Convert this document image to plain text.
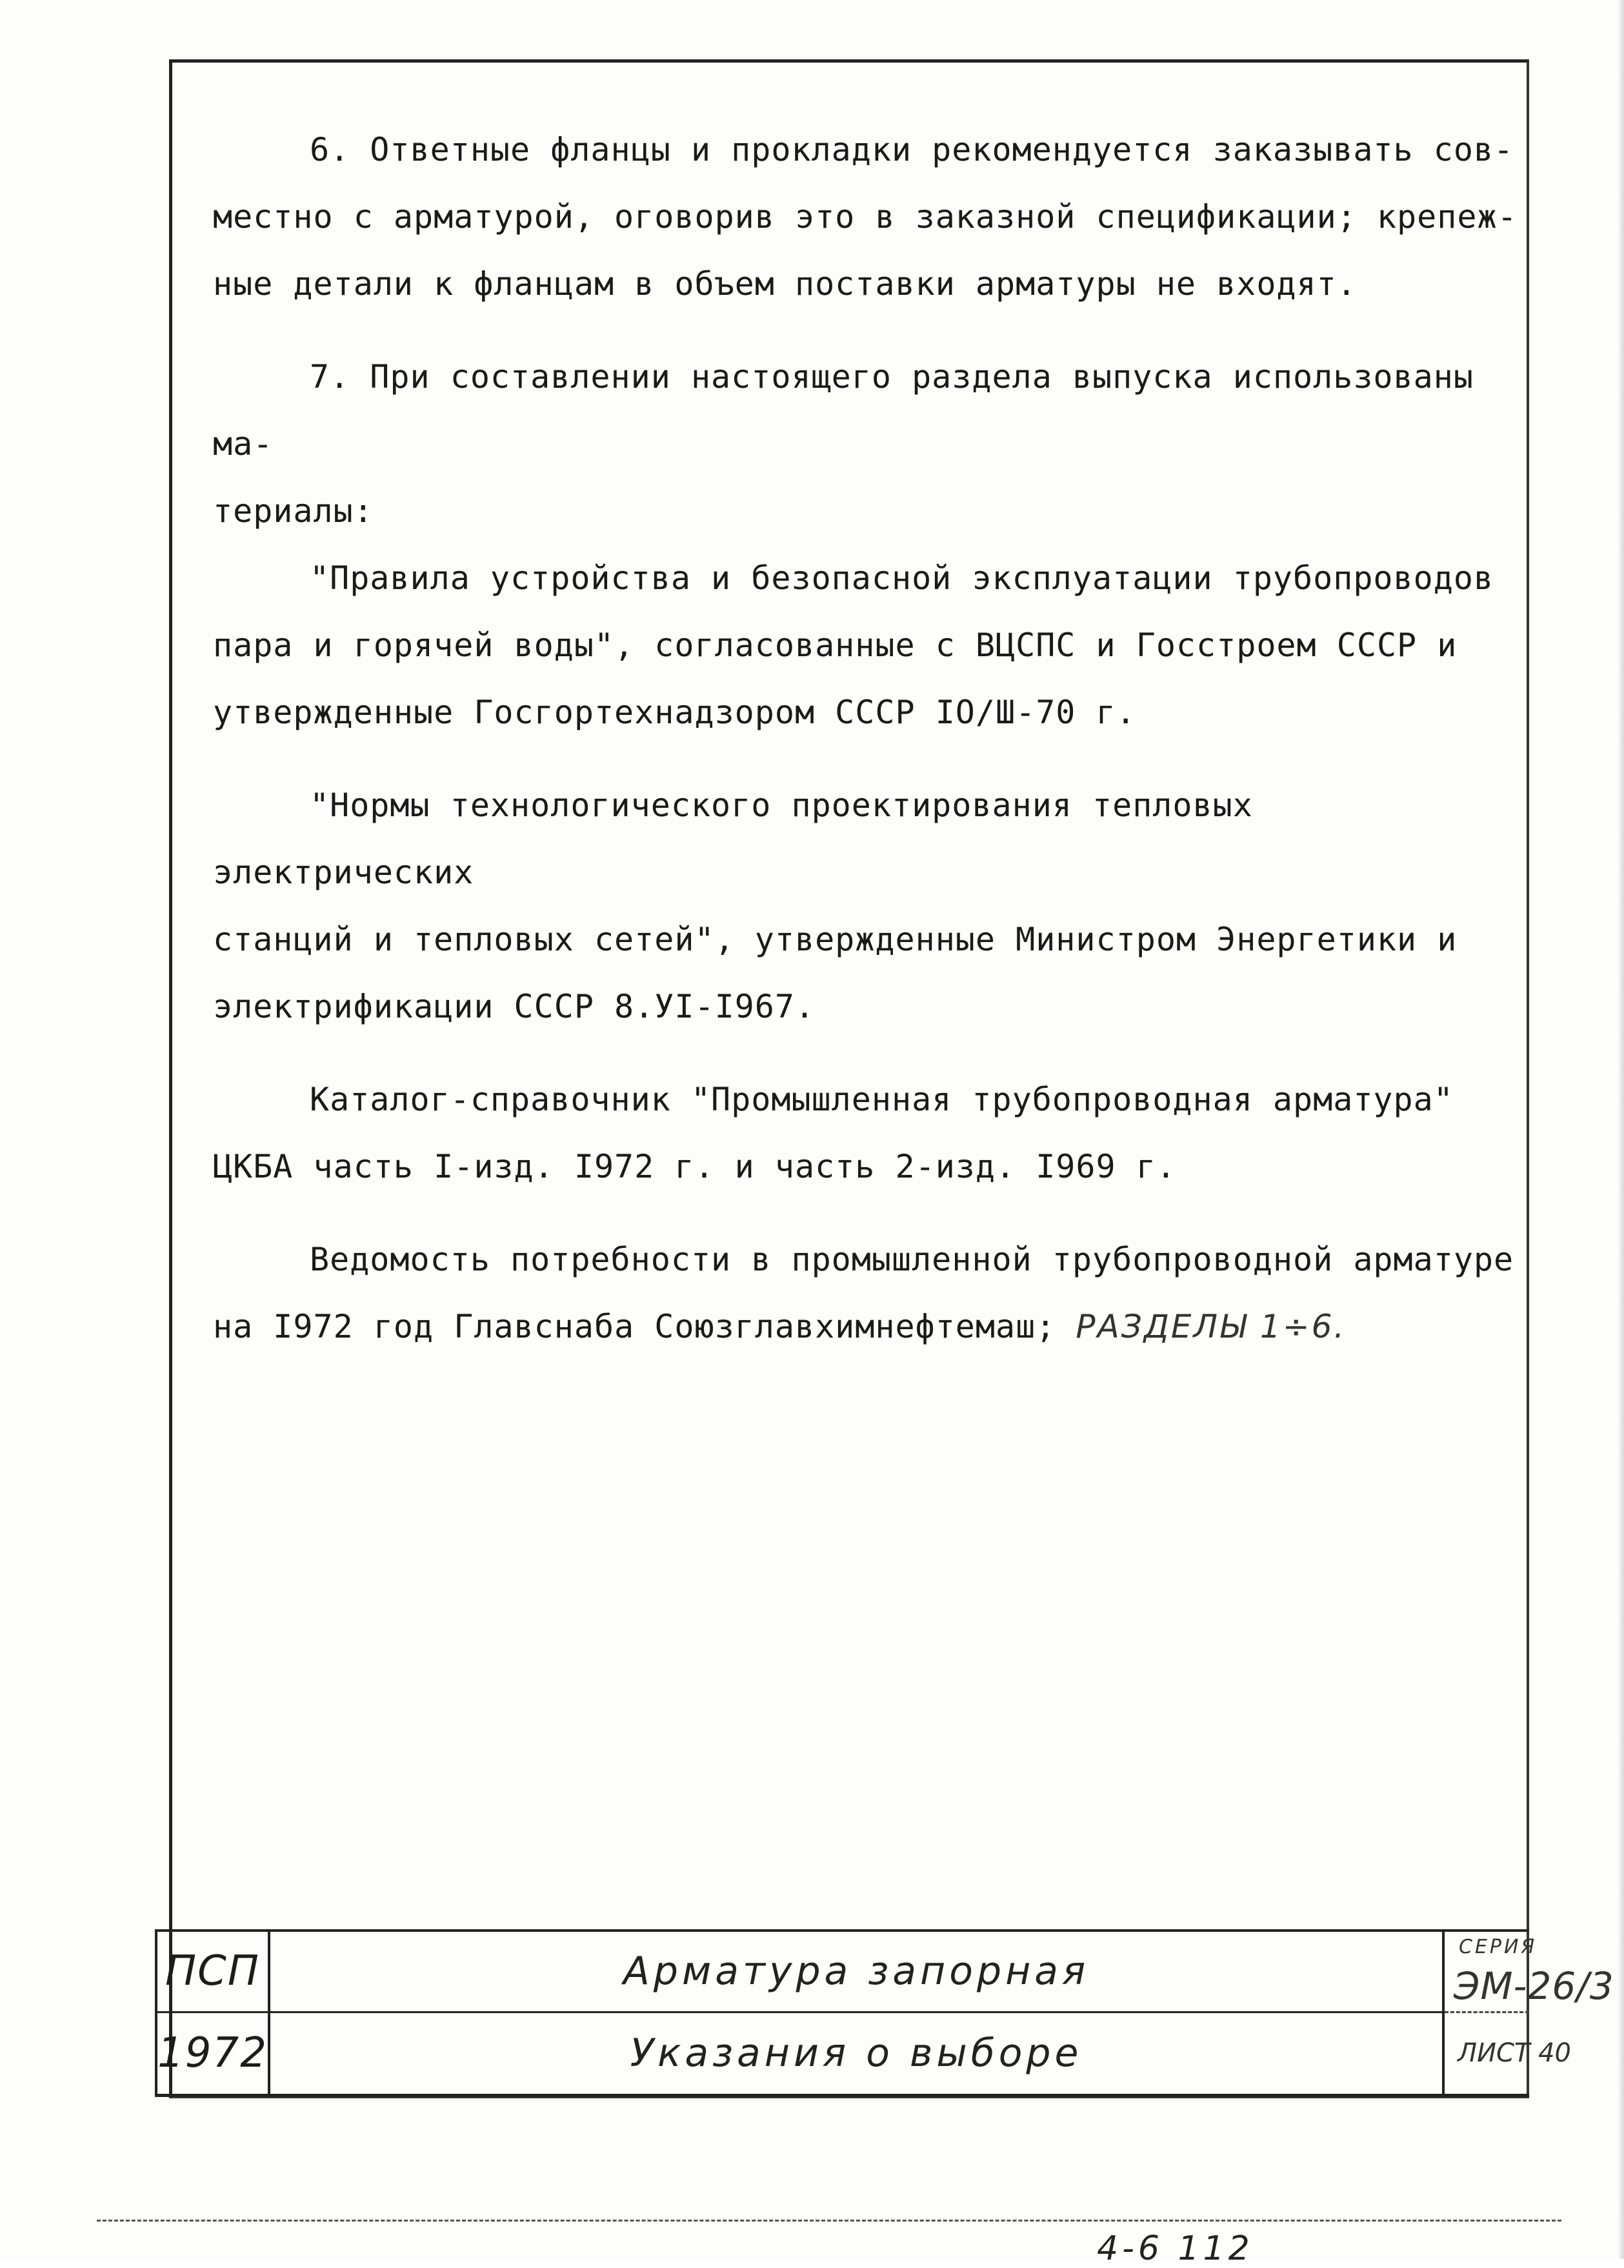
6. Ответные фланцы и прокладки рекомендуется заказывать сов-
местно с арматурой, оговорив это в заказной спецификации; крепеж-
ные детали к фланцам в объем поставки арматуры не входят.
7. При составлении настоящего раздела выпуска использованы ма-
териалы:
"Правила устройства и безопасной эксплуатации трубопроводов
пара и горячей воды", согласованные с ВЦСПС и Госстроем СССР и
утвержденные Госгортехнадзором СССР IO/Ш-70 г.
"Нормы технологического проектирования тепловых электрических
станций и тепловых сетей", утвержденные Министром Энергетики и
электрификации СССР 8.УI-I967.
Каталог-справочник "Промышленная трубопроводная арматура"
ЦКБА часть I-изд. I972 г. и часть 2-изд. I969 г.
Ведомость потребности в промышленной трубопроводной арматуре
на I972 год Главснаба Союзглавхимнефтемаш; РАЗДЕЛЫ 1÷6.
ПСП
1972
Арматура запорная
Указания о выборе
СЕРИЯ
ЭМ-26/3
ЛИСТ 40
4-6 112
